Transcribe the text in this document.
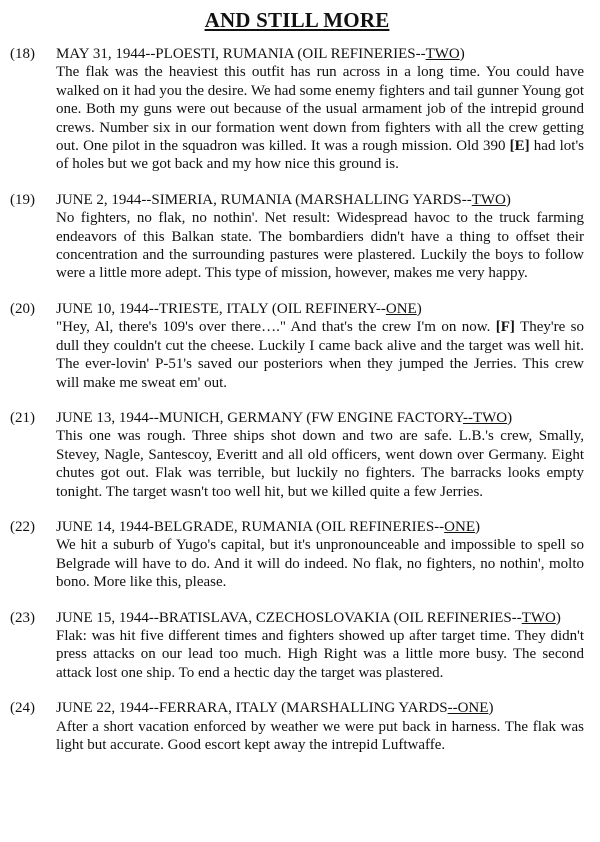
AND STILL MORE
(18)	MAY 31, 1944--PLOESTI, RUMANIA (OIL REFINERIES--TWO)
The flak was the heaviest this outfit has run across in a long time. You could have walked on it had you the desire. We had some enemy fighters and tail gunner Young got one. Both my guns were out because of the usual armament job of the intrepid ground crews. Number six in our formation went down from fighters with all the crew getting out. One pilot in the squadron was killed. It was a rough mission. Old 390 [E] had lot's of holes but we got back and my how nice this ground is.
(19)	JUNE 2, 1944--SIMERIA, RUMANIA (MARSHALLING YARDS--TWO)
No fighters, no flak, no nothin'. Net result: Widespread havoc to the truck farming endeavors of this Balkan state. The bombardiers didn't have a thing to offset their concentration and the surrounding pastures were plastered. Luckily the boys to follow were a little more adept. This type of mission, however, makes me very happy.
(20)	JUNE 10, 1944--TRIESTE, ITALY (OIL REFINERY--ONE)
"Hey, Al, there's 109's over there…." And that's the crew I'm on now. [F] They're so dull they couldn't cut the cheese. Luckily I came back alive and the target was well hit. The ever-lovin' P-51's saved our posteriors when they jumped the Jerries. This crew will make me sweat em' out.
(21)	JUNE 13, 1944--MUNICH, GERMANY (FW ENGINE FACTORY--TWO)
This one was rough. Three ships shot down and two are safe. L.B.'s crew, Smally, Stevey, Nagle, Santescoy, Everitt and all old officers, went down over Germany. Eight chutes got out. Flak was terrible, but luckily no fighters. The barracks looks empty tonight. The target wasn't too well hit, but we killed quite a few Jerries.
(22)	JUNE 14, 1944-BELGRADE, RUMANIA (OIL REFINERIES--ONE)
We hit a suburb of Yugo's capital, but it's unpronounceable and impossible to spell so Belgrade will have to do. And it will do indeed. No flak, no fighters, no nothin', molto bono. More like this, please.
(23)	JUNE 15, 1944--BRATISLAVA, CZECHOSLOVAKIA (OIL REFINERIES--TWO)
Flak: was hit five different times and fighters showed up after target time. They didn't press attacks on our lead too much. High Right was a little more busy. The second attack lost one ship. To end a hectic day the target was plastered.
(24)	JUNE 22, 1944--FERRARA, ITALY (MARSHALLING YARDS--ONE)
After a short vacation enforced by weather we were put back in harness. The flak was light but accurate. Good escort kept away the intrepid Luftwaffe.
